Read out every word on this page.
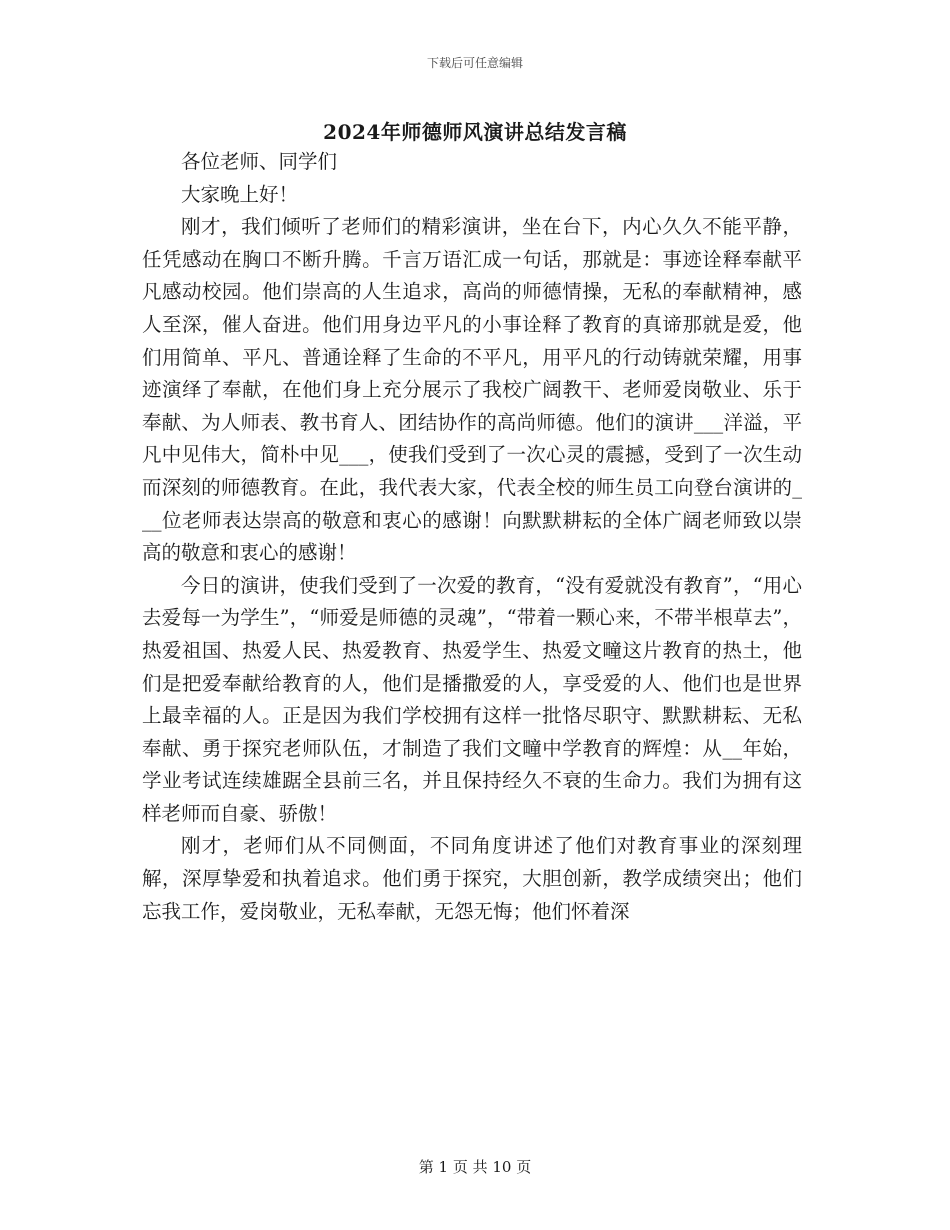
下载后可任意编辑
2024年师德师风演讲总结发言稿

各位老师、同学们

大家晚上好！

刚才，我们倾听了老师们的精彩演讲，坐在台下，内心久久不能平静，任凭感动在胸口不断升腾。千言万语汇成一句话，那就是：事迹诠释奉献平凡感动校园。他们崇高的人生追求，高尚的师德情操，无私的奉献精神，感人至深，催人奋进。他们用身边平凡的小事诠释了教育的真谛那就是爱，他们用简单、平凡、普通诠释了生命的不平凡，用平凡的行动铸就荣耀，用事迹演绎了奉献，在他们身上充分展示了我校广阔教干、老师爱岗敬业、乐于奉献、为人师表、教书育人、团结协作的高尚师德。他们的演讲___洋溢，平凡中见伟大，简朴中见___，使我们受到了一次心灵的震撼，受到了一次生动而深刻的师德教育。在此，我代表大家，代表全校的师生员工向登台演讲的___位老师表达崇高的敬意和衷心的感谢！向默默耕耘的全体广阔老师致以崇高的敬意和衷心的感谢！

今日的演讲，使我们受到了一次爱的教育，“没有爱就没有教育”，“用心去爱每一为学生”，“师爱是师德的灵魂”，“带着一颗心来，不带半根草去”，热爱祖国、热爱人民、热爱教育、热爱学生、热爱文疃这片教育的热土，他们是把爱奉献给教育的人，他们是播撒爱的人，享受爱的人、他们也是世界上最幸福的人。正是因为我们学校拥有这样一批恪尽职守、默默耕耘、无私奉献、勇于探究老师队伍，才制造了我们文疃中学教育的辉煌：从__年始，学业考试连续雄踞全县前三名，并且保持经久不衰的生命力。我们为拥有这样老师而自豪、骄傲！

刚才，老师们从不同侧面，不同角度讲述了他们对教育事业的深刻理解，深厚挚爱和执着追求。他们勇于探究，大胆创新，教学成绩突出；他们忘我工作，爱岗敬业，无私奉献，无怨无悔；他们怀着深

第 1 页 共 10 页
